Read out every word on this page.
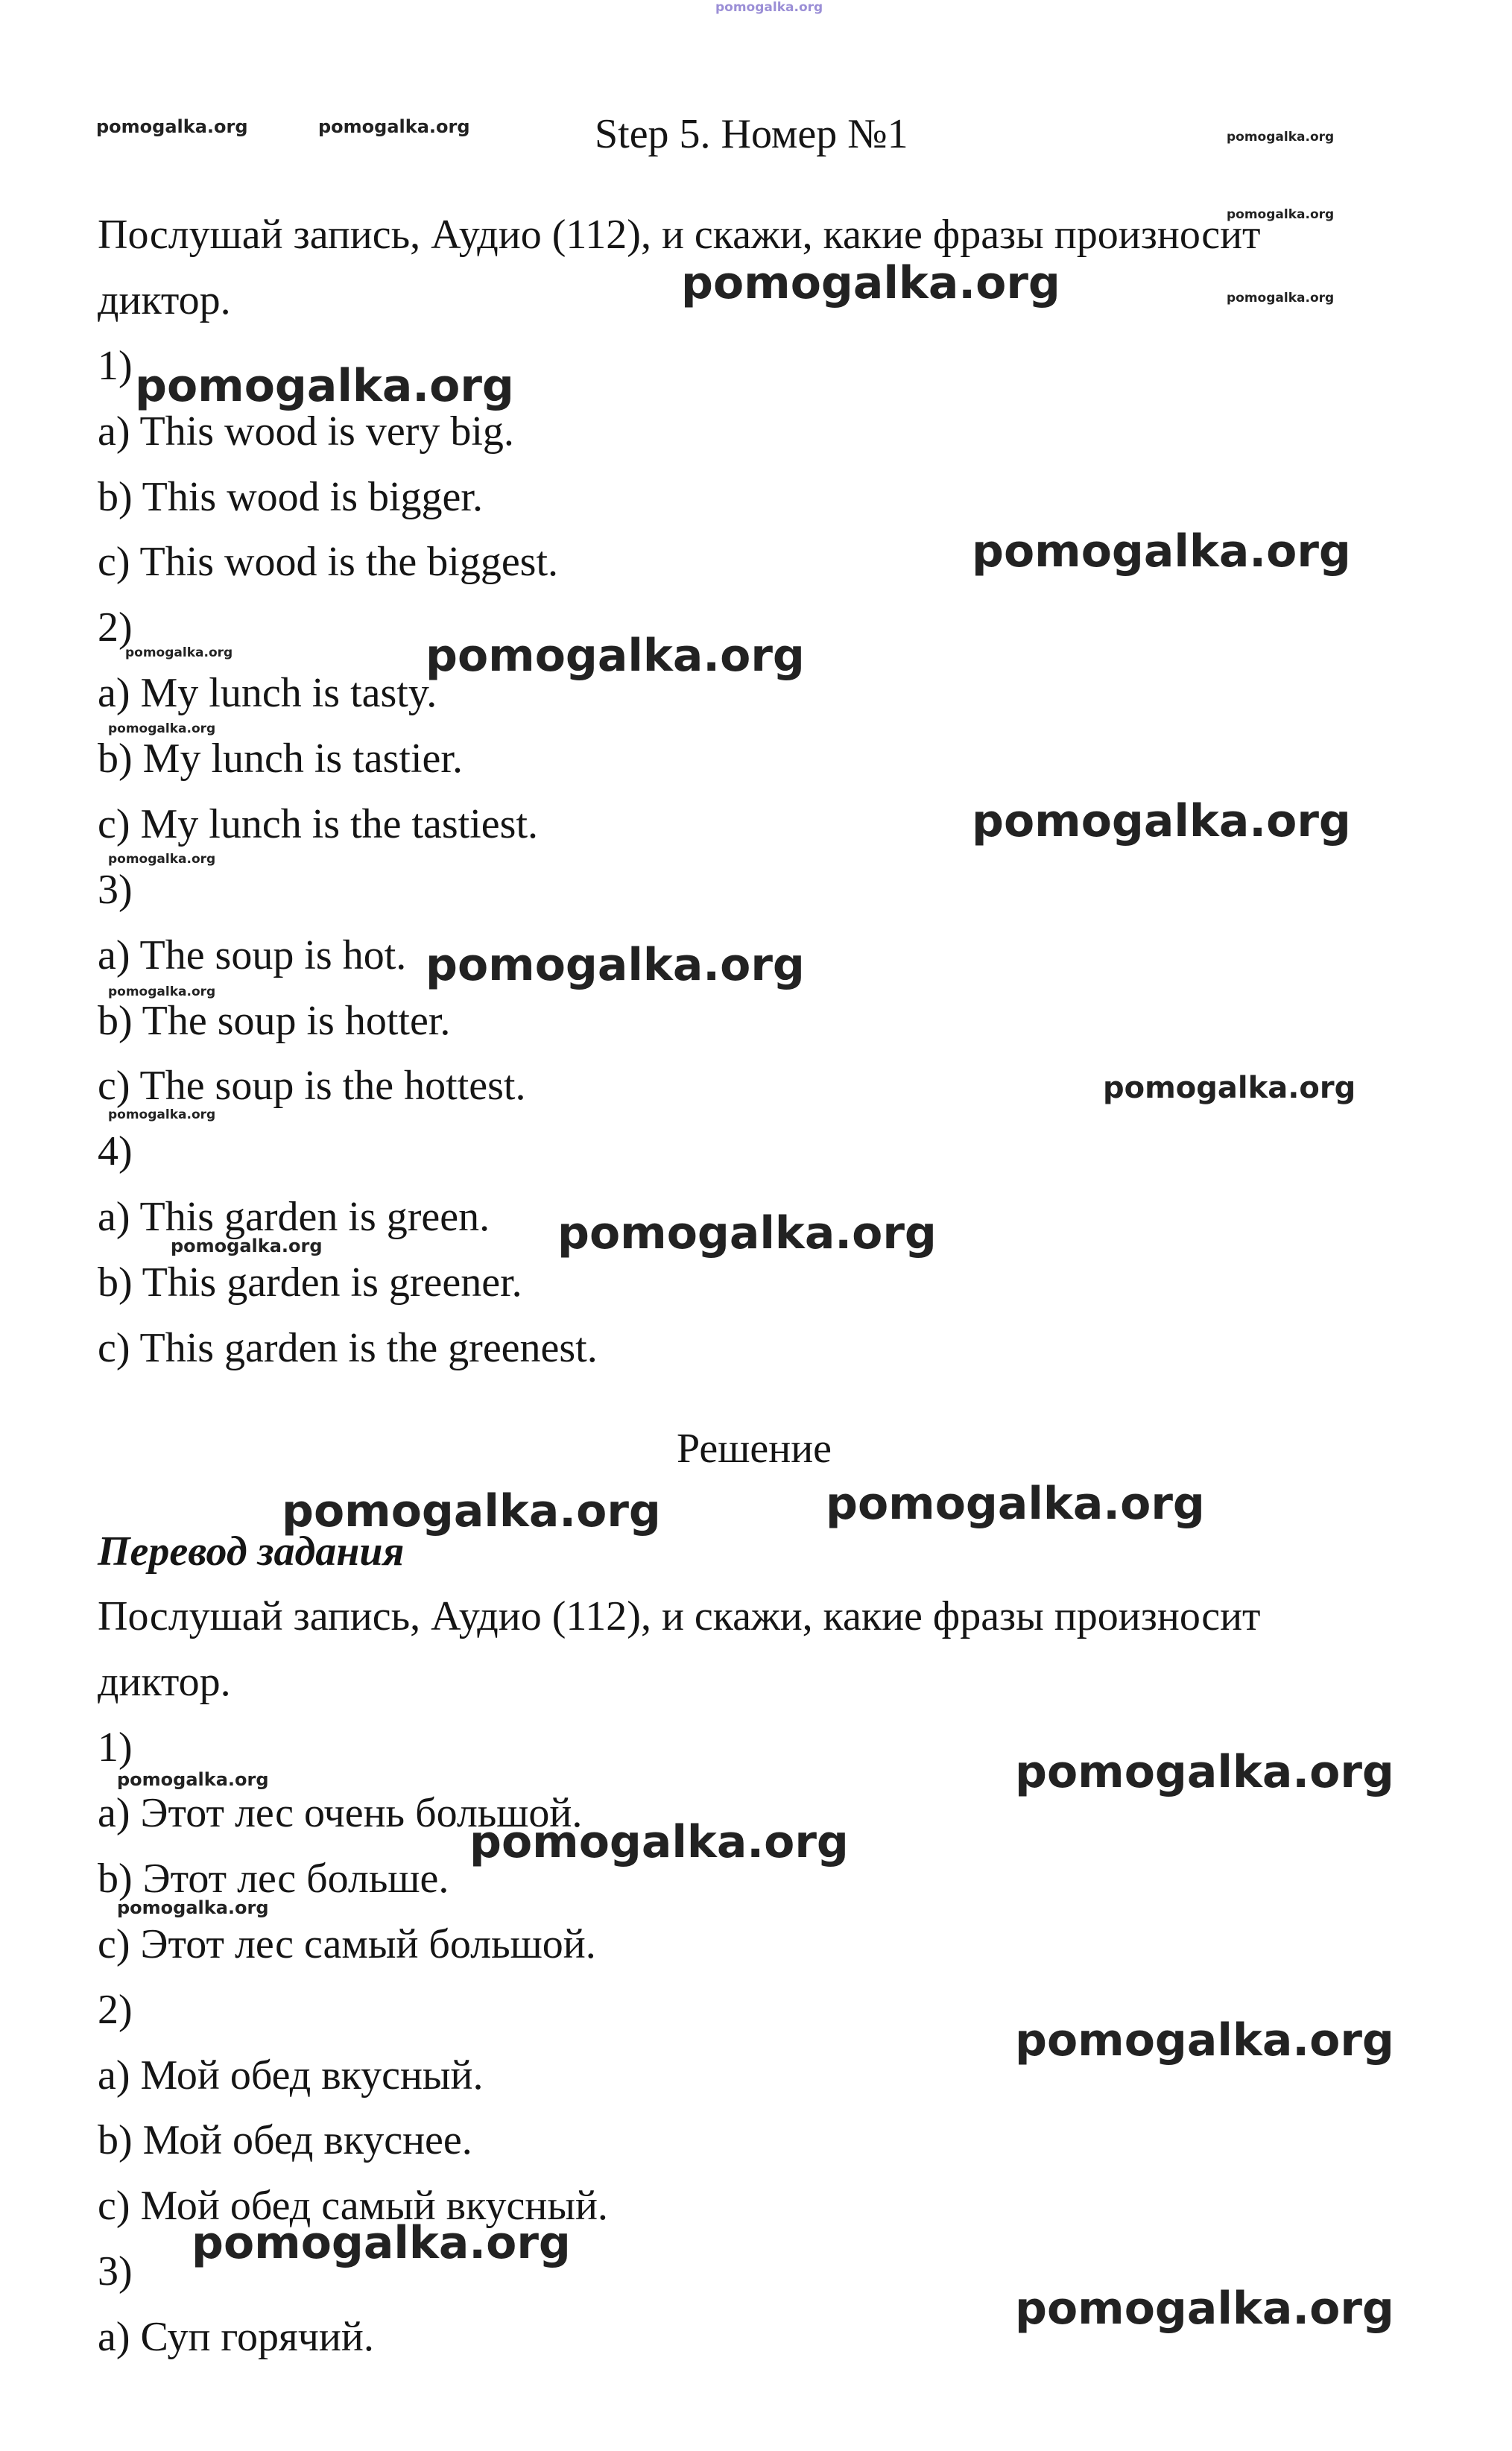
pomogalka.org
Step 5. Номер №1
Послушай запись, Аудио (112), и скажи, какие фразы произносит
диктор.
1)
a) This wood is very big.
b) This wood is bigger.
c) This wood is the biggest.
2)
a) My lunch is tasty.
b) My lunch is tastier.
c) My lunch is the tastiest.
3)
a) The soup is hot.
b) The soup is hotter.
c) The soup is the hottest.
4)
a) This garden is green.
b) This garden is greener.
c) This garden is the greenest.
Решение
Перевод задания
Послушай запись, Аудио (112), и скажи, какие фразы произносит
диктор.
1)
a) Этот лес очень большой.
b) Этот лес больше.
c) Этот лес самый большой.
2)
a) Мой обед вкусный.
b) Мой обед вкуснее.
c) Мой обед самый вкусный.
3)
a) Суп горячий.
pomogalka.org	pomogalka.org	pomogalka.org
pomogalka.org
pomogalka.org
pomogalka.org
pomogalka.org
pomogalka.org
pomogalka.org	pomogalka.org
pomogalka.org
pomogalka.org
pomogalka.org
pomogalka.org
pomogalka.org
pomogalka.org
pomogalka.org
pomogalka.org	pomogalka.org
pomogalka.org	pomogalka.org
pomogalka.org	pomogalka.org
pomogalka.org
pomogalka.org
pomogalka.org
pomogalka.org
pomogalka.org
